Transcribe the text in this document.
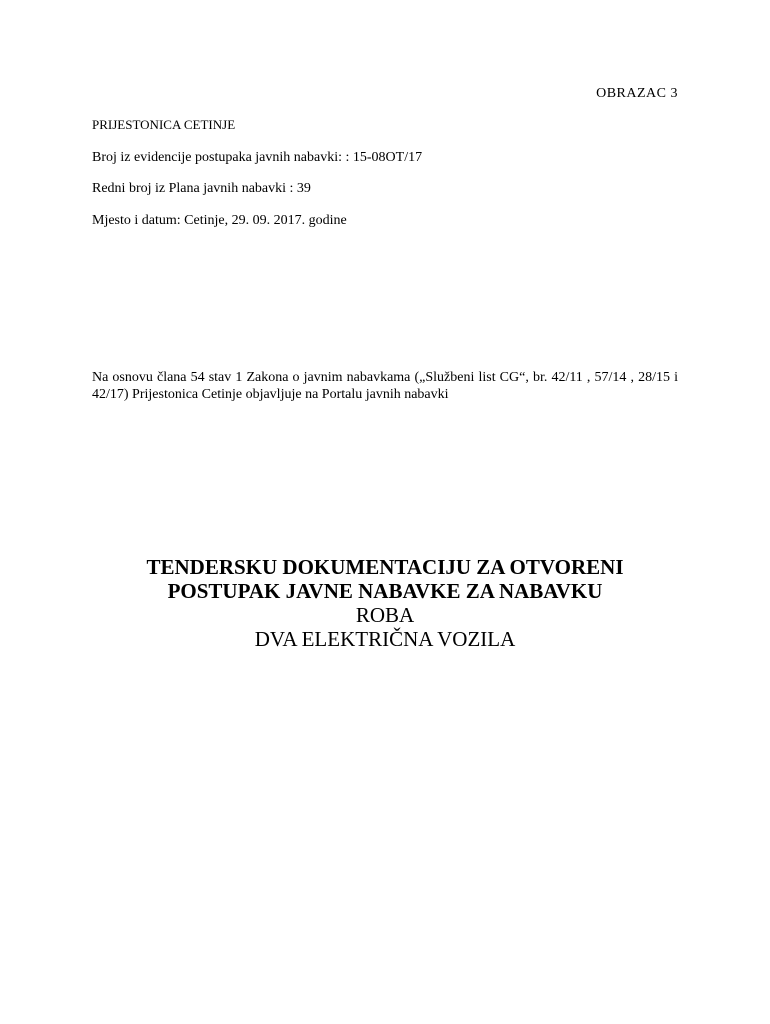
OBRAZAC 3
PRIJESTONICA CETINJE
Broj iz evidencije postupaka javnih nabavki: : 15-08OT/17
Redni broj iz Plana javnih nabavki : 39
Mjesto i datum: Cetinje, 29. 09. 2017. godine
Na osnovu člana 54 stav 1 Zakona o javnim nabavkama („Službeni list CG“, br. 42/11 , 57/14 , 28/15 i 42/17) Prijestonica Cetinje objavljuje na Portalu javnih nabavki
TENDERSKU DOKUMENTACIJU ZA OTVORENI
POSTUPAK JAVNE NABAVKE ZA NABAVKU
ROBA
DVA ELEKTRIČNA VOZILA
